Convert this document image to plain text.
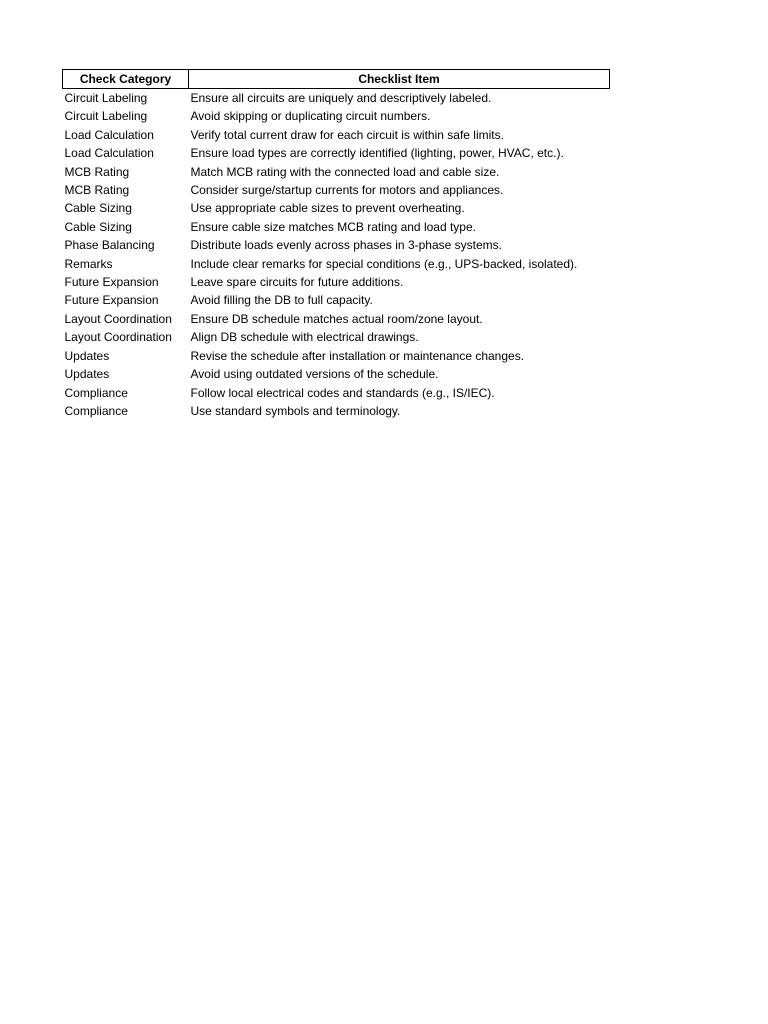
Check Category	Checklist Item
Circuit Labeling	Ensure all circuits are uniquely and descriptively labeled.
Circuit Labeling	Avoid skipping or duplicating circuit numbers.
Load Calculation	Verify total current draw for each circuit is within safe limits.
Load Calculation	Ensure load types are correctly identified (lighting, power, HVAC, etc.).
MCB Rating	Match MCB rating with the connected load and cable size.
MCB Rating	Consider surge/startup currents for motors and appliances.
Cable Sizing	Use appropriate cable sizes to prevent overheating.
Cable Sizing	Ensure cable size matches MCB rating and load type.
Phase Balancing	Distribute loads evenly across phases in 3-phase systems.
Remarks	Include clear remarks for special conditions (e.g., UPS-backed, isolated).
Future Expansion	Leave spare circuits for future additions.
Future Expansion	Avoid filling the DB to full capacity.
Layout Coordination	Ensure DB schedule matches actual room/zone layout.
Layout Coordination	Align DB schedule with electrical drawings.
Updates	Revise the schedule after installation or maintenance changes.
Updates	Avoid using outdated versions of the schedule.
Compliance	Follow local electrical codes and standards (e.g., IS/IEC).
Compliance	Use standard symbols and terminology.
